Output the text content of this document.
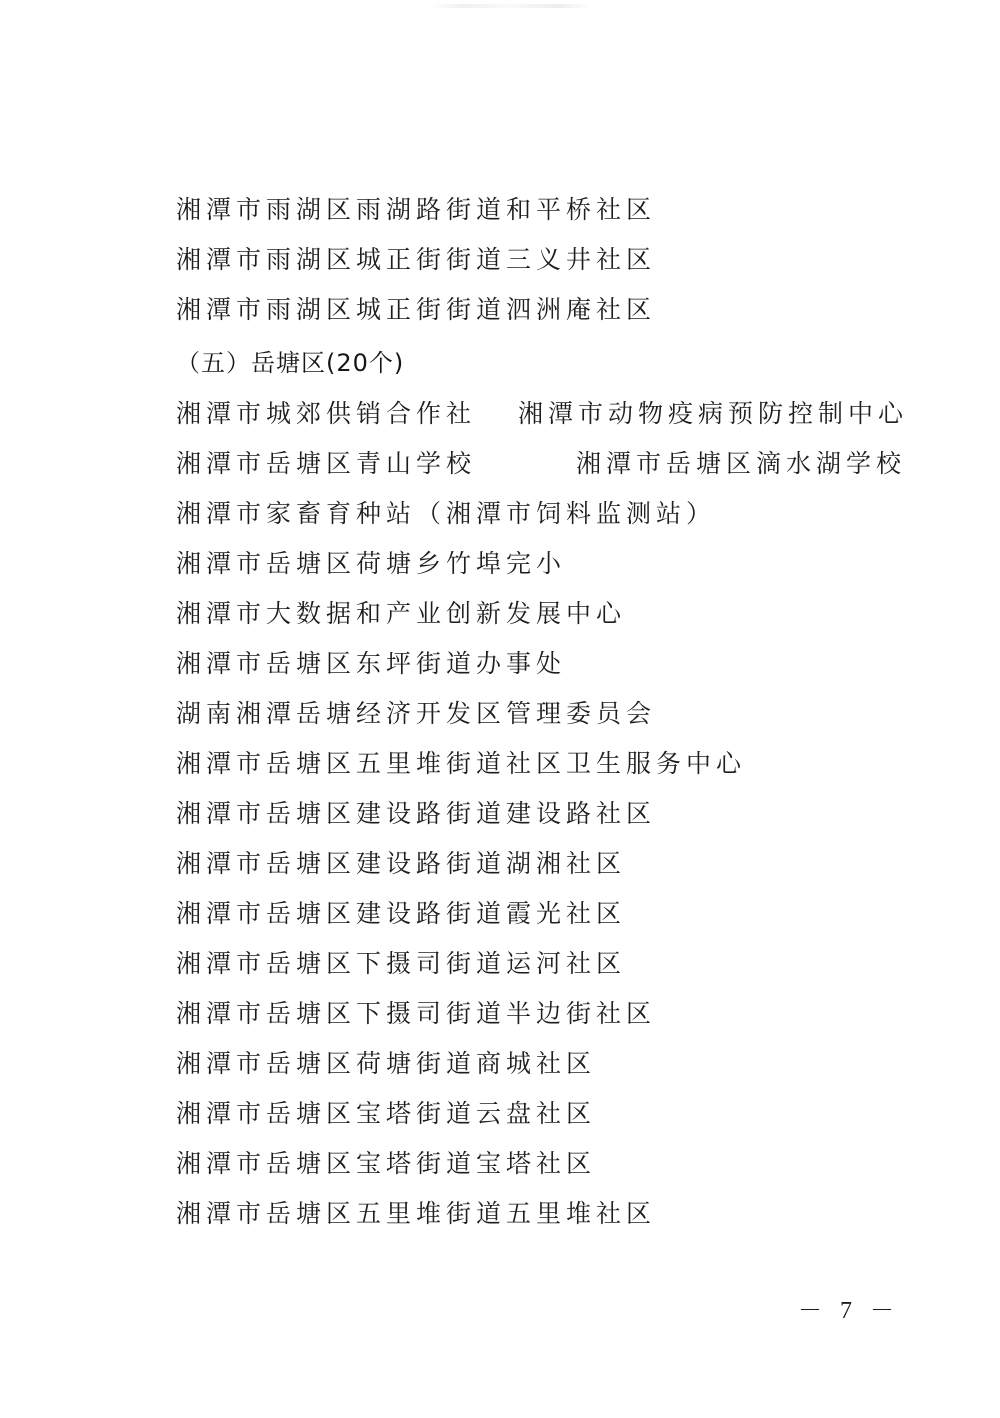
湘潭市雨湖区雨湖路街道和平桥社区
湘潭市雨湖区城正街街道三义井社区
湘潭市雨湖区城正街街道泗洲庵社区
（五）岳塘区(20个)
湘潭市城郊供销合作社 湘潭市动物疫病预防控制中心
湘潭市岳塘区青山学校	湘潭市岳塘区滴水湖学校
湘潭市家畜育种站（湘潭市饲料监测站）
湘潭市岳塘区荷塘乡竹埠完小
湘潭市大数据和产业创新发展中心
湘潭市岳塘区东坪街道办事处
湖南湘潭岳塘经济开发区管理委员会
湘潭市岳塘区五里堆街道社区卫生服务中心
湘潭市岳塘区建设路街道建设路社区
湘潭市岳塘区建设路街道湖湘社区
湘潭市岳塘区建设路街道霞光社区
湘潭市岳塘区下摄司街道运河社区
湘潭市岳塘区下摄司街道半边街社区
湘潭市岳塘区荷塘街道商城社区
湘潭市岳塘区宝塔街道云盘社区
湘潭市岳塘区宝塔街道宝塔社区
湘潭市岳塘区五里堆街道五里堆社区
－ 7 －
